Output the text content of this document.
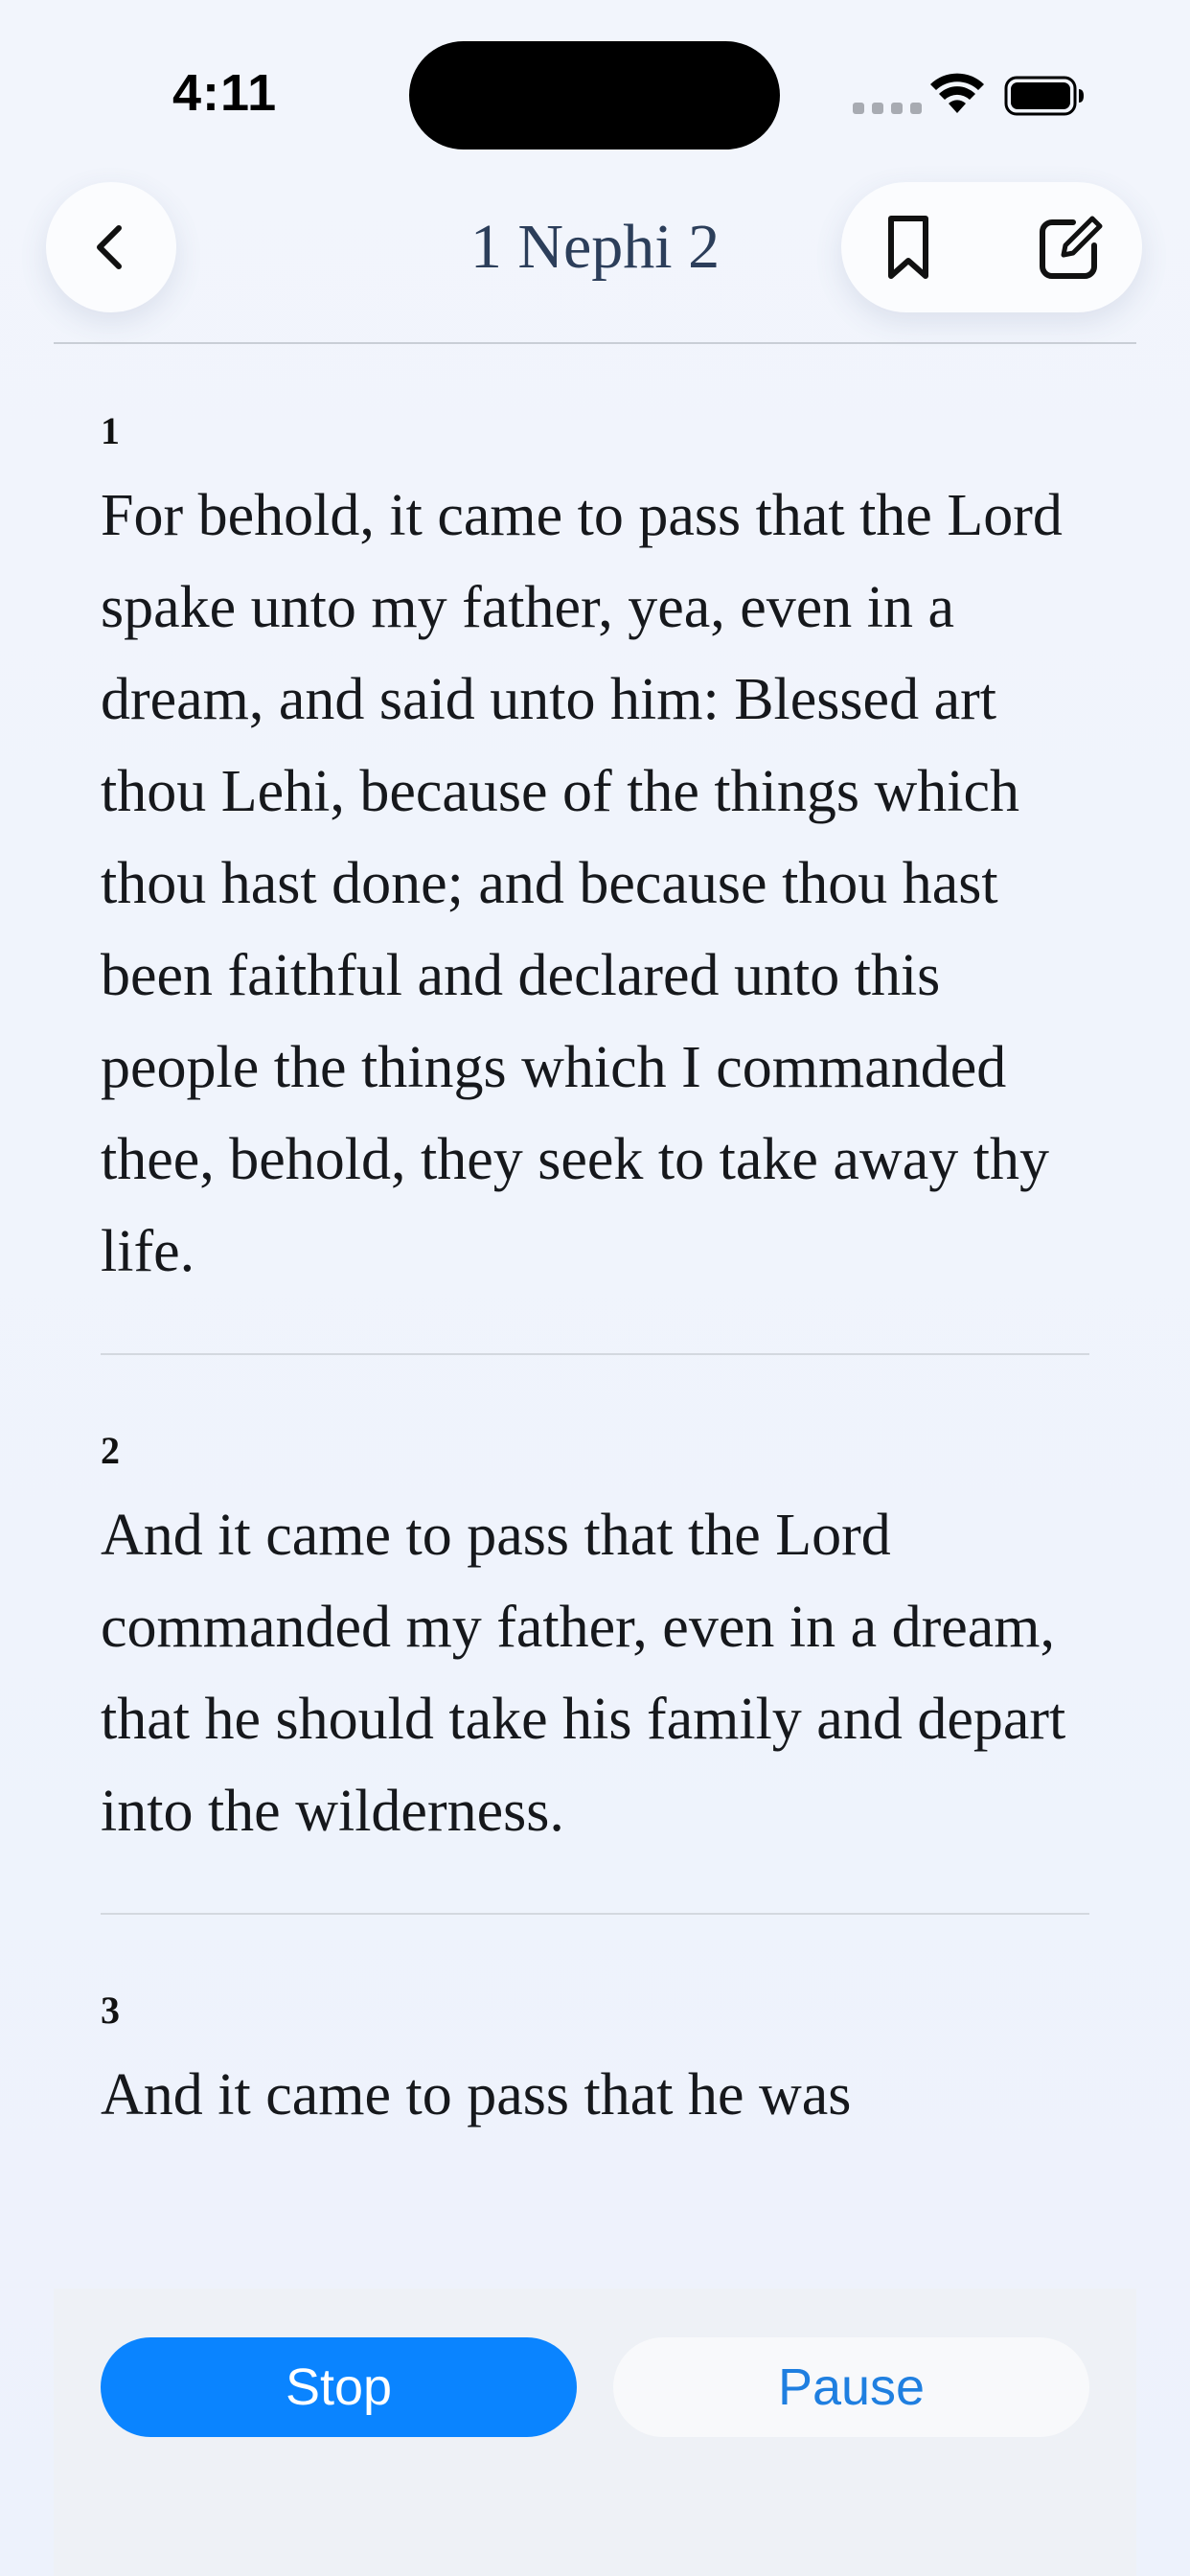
4:11
1 Nephi 2
1
For behold, it came to pass that the Lord spake unto my father, yea, even in a dream, and said unto him: Blessed art thou Lehi, because of the things which thou hast done; and because thou hast been faithful and declared unto this people the things which I commanded thee, behold, they seek to take away thy life.
2
And it came to pass that the Lord commanded my father, even in a dream, that he should take his family and depart into the wilderness.
3
And it came to pass that he was
Stop	Pause
